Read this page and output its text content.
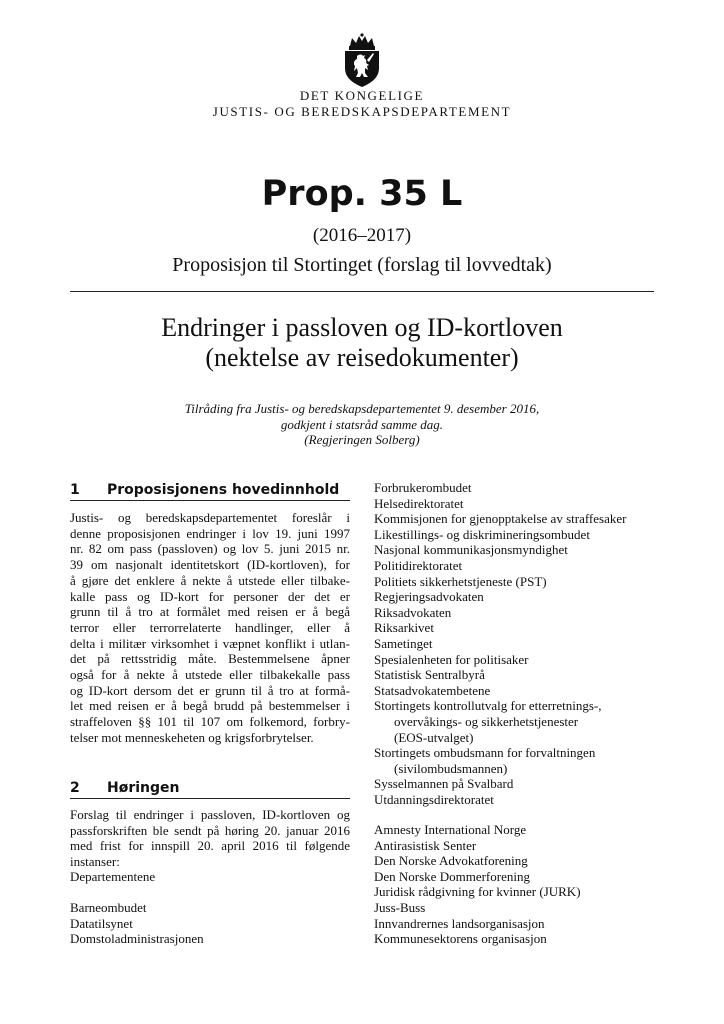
DET KONGELIGE
JUSTIS- OG BEREDSKAPSDEPARTEMENT
Prop. 35 L
(2016–2017)
Proposisjon til Stortinget (forslag til lovvedtak)
Endringer i passloven og ID-kortloven
(nektelse av reisedokumenter)
Tilråding fra Justis- og beredskapsdepartementet 9. desember 2016,
godkjent i statsråd samme dag.
(Regjeringen Solberg)
1 Proposisjonens hovedinnhold
Justis- og beredskapsdepartementet foreslår i
denne proposisjonen endringer i lov 19. juni 1997
nr. 82 om pass (passloven) og lov 5. juni 2015 nr.
39 om nasjonalt identitetskort (ID-kortloven), for
å gjøre det enklere å nekte å utstede eller tilbake-
kalle pass og ID-kort for personer der det er
grunn til å tro at formålet med reisen er å begå
terror eller terrorrelaterte handlinger, eller å
delta i militær virksomhet i væpnet konflikt i utlan-
det på rettsstridig måte. Bestemmelsene åpner
også for å nekte å utstede eller tilbakekalle pass
og ID-kort dersom det er grunn til å tro at formå-
let med reisen er å begå brudd på bestemmelser i
straffeloven §§ 101 til 107 om folkemord, forbry-
telser mot menneskeheten og krigsforbrytelser.
2 Høringen
Forslag til endringer i passloven, ID-kortloven og
passforskriften ble sendt på høring 20. januar 2016
med frist for innspill 20. april 2016 til følgende
instanser:
Departementene
Barneombudet
Datatilsynet
Domstoladministrasjonen
Forbrukerombudet
Helsedirektoratet
Kommisjonen for gjenopptakelse av straffesaker
Likestillings- og diskrimineringsombudet
Nasjonal kommunikasjonsmyndighet
Politidirektoratet
Politiets sikkerhetstjeneste (PST)
Regjeringsadvokaten
Riksadvokaten
Riksarkivet
Sametinget
Spesialenheten for politisaker
Statistisk Sentralbyrå
Statsadvokatembetene
Stortingets kontrollutvalg for etterretnings-,
overvåkings- og sikkerhetstjenester
(EOS-utvalget)
Stortingets ombudsmann for forvaltningen
(sivilombudsmannen)
Sysselmannen på Svalbard
Utdanningsdirektoratet
Amnesty International Norge
Antirasistisk Senter
Den Norske Advokatforening
Den Norske Dommerforening
Juridisk rådgivning for kvinner (JURK)
Juss-Buss
Innvandrernes landsorganisasjon
Kommunesektorens organisasjon
